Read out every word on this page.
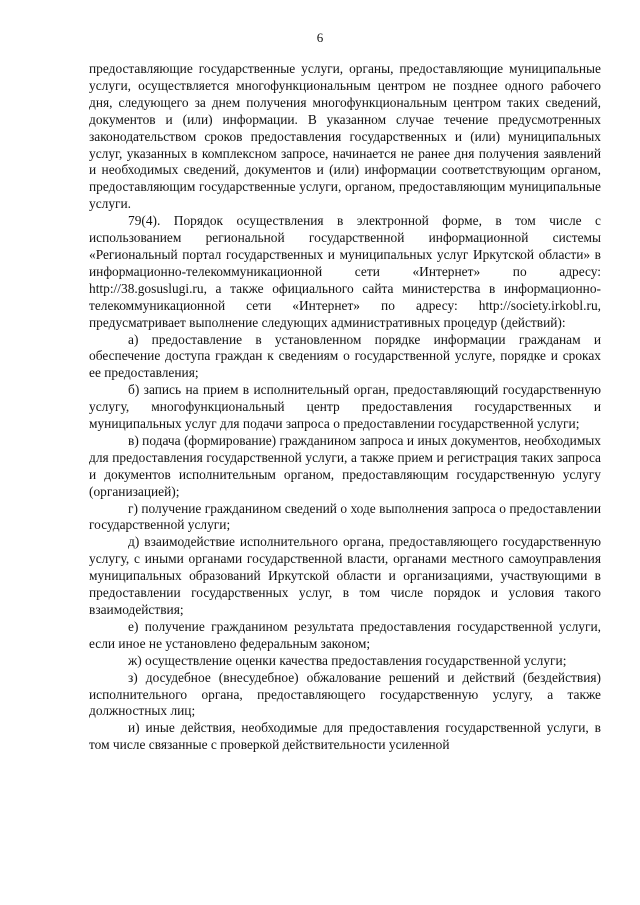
6

предоставляющие государственные услуги, органы, предоставляющие муниципальные услуги, осуществляется многофункциональным центром не позднее одного рабочего дня, следующего за днем получения многофункциональным центром таких сведений, документов и (или) информации. В указанном случае течение предусмотренных законодательством сроков предоставления государственных и (или) муниципальных услуг, указанных в комплексном запросе, начинается не ранее дня получения заявлений и необходимых сведений, документов и (или) информации соответствующим органом, предоставляющим государственные услуги, органом, предоставляющим муниципальные услуги.

79(4). Порядок осуществления в электронной форме, в том числе с использованием региональной государственной информационной системы «Региональный портал государственных и муниципальных услуг Иркутской области» в информационно-телекоммуникационной сети «Интернет» по адресу: http://38.gosuslugi.ru, а также официального сайта министерства в информационно-телекоммуникационной сети «Интернет» по адресу: http://society.irkobl.ru, предусматривает выполнение следующих административных процедур (действий):

а) предоставление в установленном порядке информации гражданам и обеспечение доступа граждан к сведениям о государственной услуге, порядке и сроках ее предоставления;

б) запись на прием в исполнительный орган, предоставляющий государственную услугу, многофункциональный центр предоставления государственных и муниципальных услуг для подачи запроса о предоставлении государственной услуги;

в) подача (формирование) гражданином запроса и иных документов, необходимых для предоставления государственной услуги, а также прием и регистрация таких запроса и документов исполнительным органом, предоставляющим государственную услугу (организацией);

г) получение гражданином сведений о ходе выполнения запроса о предоставлении государственной услуги;

д) взаимодействие исполнительного органа, предоставляющего государственную услугу, с иными органами государственной власти, органами местного самоуправления муниципальных образований Иркутской области и организациями, участвующими в предоставлении государственных услуг, в том числе порядок и условия такого взаимодействия;

е) получение гражданином результата предоставления государственной услуги, если иное не установлено федеральным законом;

ж) осуществление оценки качества предоставления государственной услуги;

з) досудебное (внесудебное) обжалование решений и действий (бездействия) исполнительного органа, предоставляющего государственную услугу, а также должностных лиц;

и) иные действия, необходимые для предоставления государственной услуги, в том числе связанные с проверкой действительности усиленной
